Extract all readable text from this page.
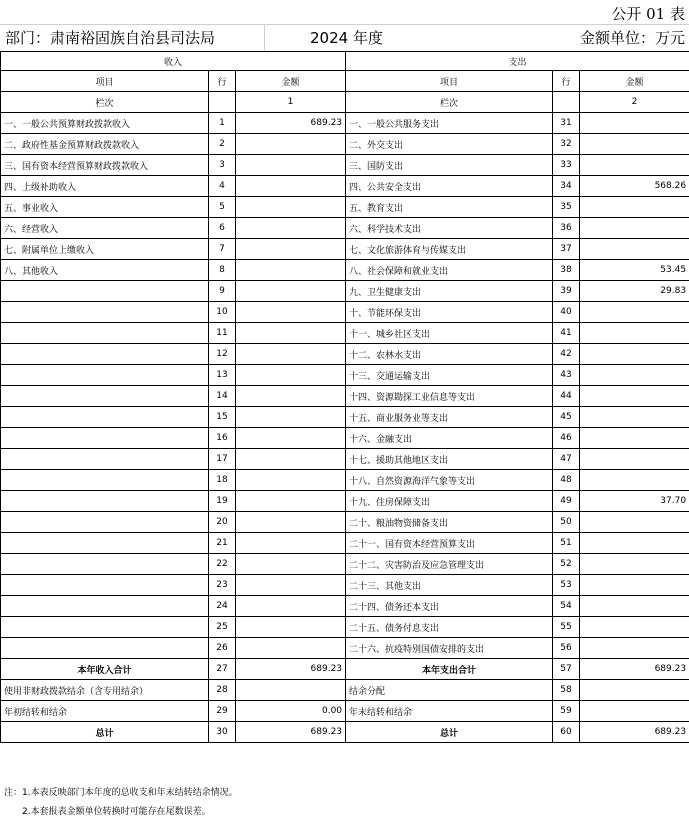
公开 01 表
部门：肃南裕固族自治县司法局	2024 年度	金额单位：万元
收入			支出		
项目	行	金额	项目	行	金额
栏次		1	栏次		2
一、一般公共预算财政拨款收入	1	689.23	一、一般公共服务支出	31	
二、政府性基金预算财政拨款收入	2		二、外交支出	32	
三、国有资本经营预算财政拨款收入	3		三、国防支出	33	
四、上级补助收入	4		四、公共安全支出	34	568.26
五、事业收入	5		五、教育支出	35	
六、经营收入	6		六、科学技术支出	36	
七、附属单位上缴收入	7		七、文化旅游体育与传媒支出	37	
八、其他收入	8		八、社会保障和就业支出	38	53.45
	9		九、卫生健康支出	39	29.83
	10		十、节能环保支出	40	
	11		十一、城乡社区支出	41	
	12		十二、农林水支出	42	
	13		十三、交通运输支出	43	
	14		十四、资源勘探工业信息等支出	44	
	15		十五、商业服务业等支出	45	
	16		十六、金融支出	46	
	17		十七、援助其他地区支出	47	
	18		十八、自然资源海洋气象等支出	48	
	19		十九、住房保障支出	49	37.70
	20		二十、粮油物资储备支出	50	
	21		二十一、国有资本经营预算支出	51	
	22		二十二、灾害防治及应急管理支出	52	
	23		二十三、其他支出	53	
	24		二十四、债务还本支出	54	
	25		二十五、债务付息支出	55	
	26		二十六、抗疫特别国债安排的支出	56	
本年收入合计	27	689.23	本年支出合计	57	689.23
使用非财政拨款结余（含专用结余）	28		结余分配	58	
年初结转和结余	29	0.00	年末结转和结余	59	
总计	30	689.23	总计	60	689.23
注：1.本表反映部门本年度的总收支和年末结转结余情况。
2.本套报表金额单位转换时可能存在尾数误差。
